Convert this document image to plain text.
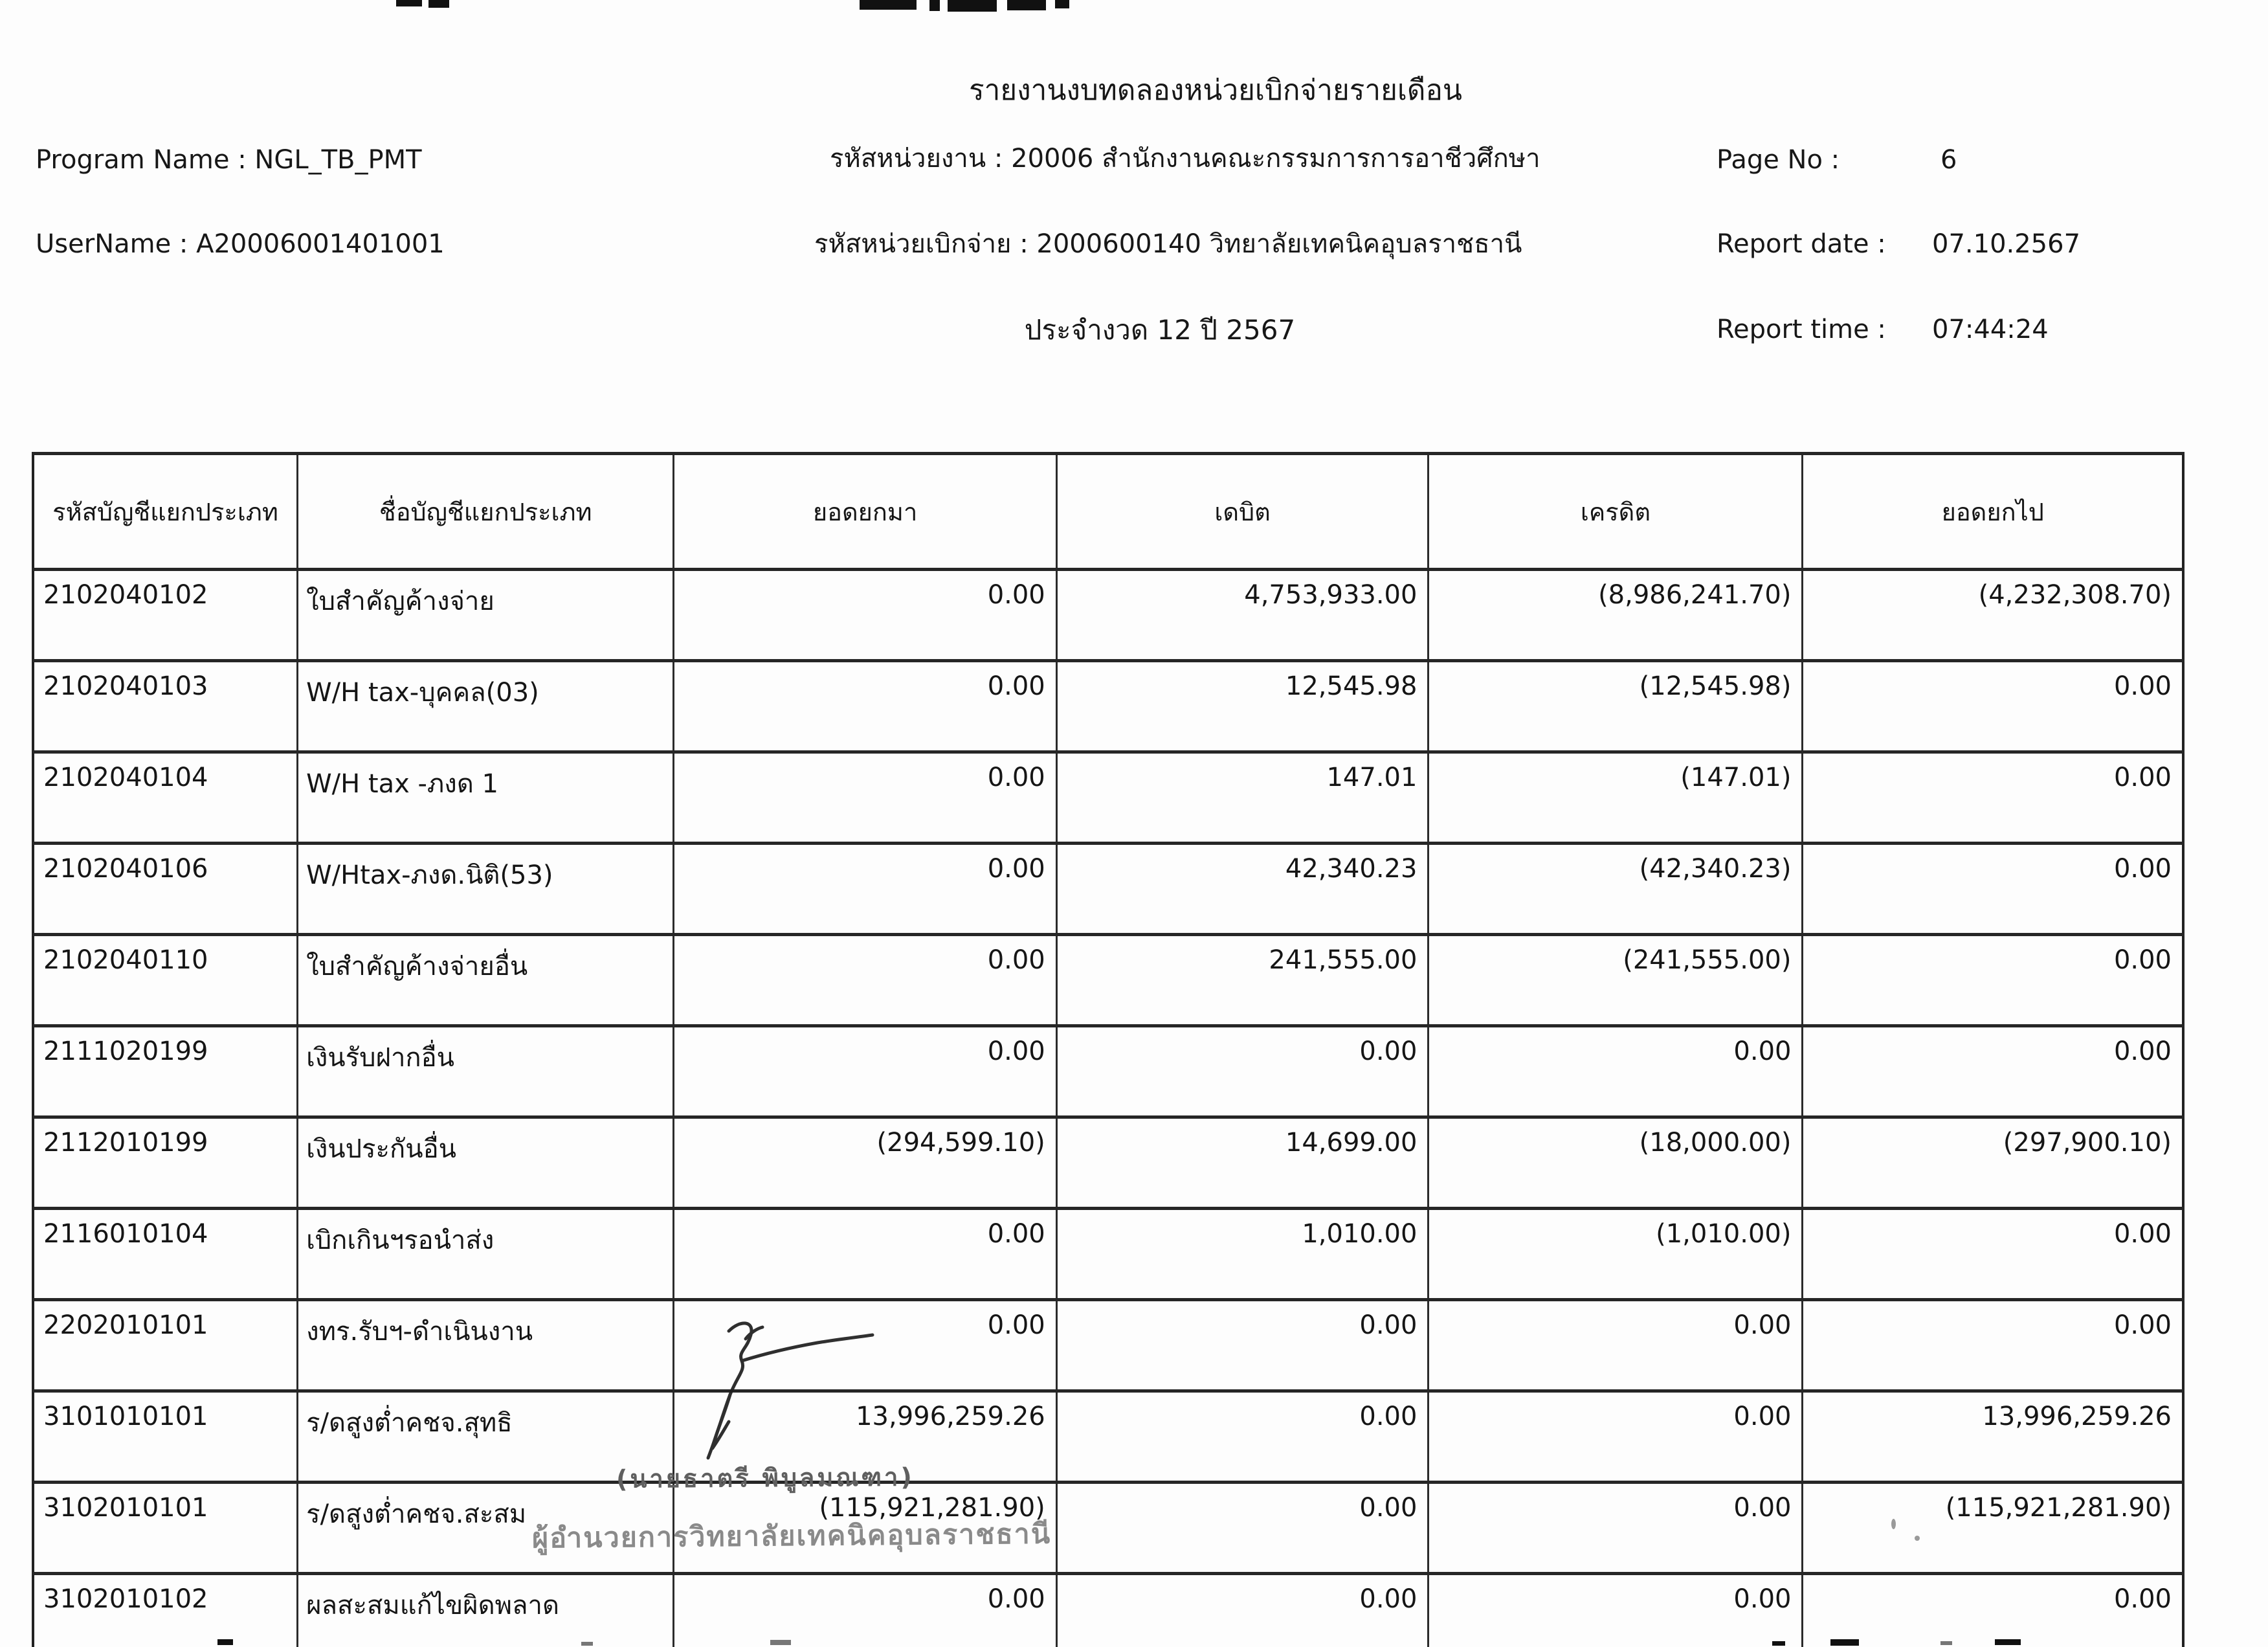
รายงานงบทดลองหน่วยเบิกจ่ายรายเดือน
Program Name : NGL_TB_PMT
UserName : A20006001401001
รหัสหน่วยงาน : 20006 สำนักงานคณะกรรมการการอาชีวศึกษา
รหัสหน่วยเบิกจ่าย : 2000600140 วิทยาลัยเทคนิคอุบลราชธานี
ประจำงวด 12 ปี 2567
Page No :	6
Report date : 07.10.2567
Report time : 07:44:24
รหัสบัญชีแยกประเภท	ชื่อบัญชีแยกประเภท	ยอดยกมา	เดบิต	เครดิต	ยอดยกไป
2102040102	ใบสำคัญค้างจ่าย	0.00	4,753,933.00	(8,986,241.70)	(4,232,308.70)
2102040103	W/H tax-บุคคล(03)	0.00	12,545.98	(12,545.98)	0.00
2102040104	W/H tax -ภงด 1	0.00	147.01	(147.01)	0.00
2102040106	W/Htax-ภงด.นิติ(53)	0.00	42,340.23	(42,340.23)	0.00
2102040110	ใบสำคัญค้างจ่ายอื่น	0.00	241,555.00	(241,555.00)	0.00
2111020199	เงินรับฝากอื่น	0.00	0.00	0.00	0.00
2112010199	เงินประกันอื่น	(294,599.10)	14,699.00	(18,000.00)	(297,900.10)
2116010104	เบิกเกินฯรอนำส่ง	0.00	1,010.00	(1,010.00)	0.00
2202010101	งทร.รับฯ-ดำเนินงาน	0.00	0.00	0.00	0.00
3101010101	ร/ดสูงต่ำคชจ.สุทธิ	13,996,259.26	0.00	0.00	13,996,259.26
3102010101	ร/ดสูงต่ำคชจ.สะสม	(115,921,281.90)	0.00	0.00	(115,921,281.90)
3102010102	ผลสะสมแก้ไขผิดพลาด	0.00	0.00	0.00	0.00
(นายธาตรี พิบูลมณฑา)
ผู้อำนวยการวิทยาลัยเทคนิคอุบลราชธานี
